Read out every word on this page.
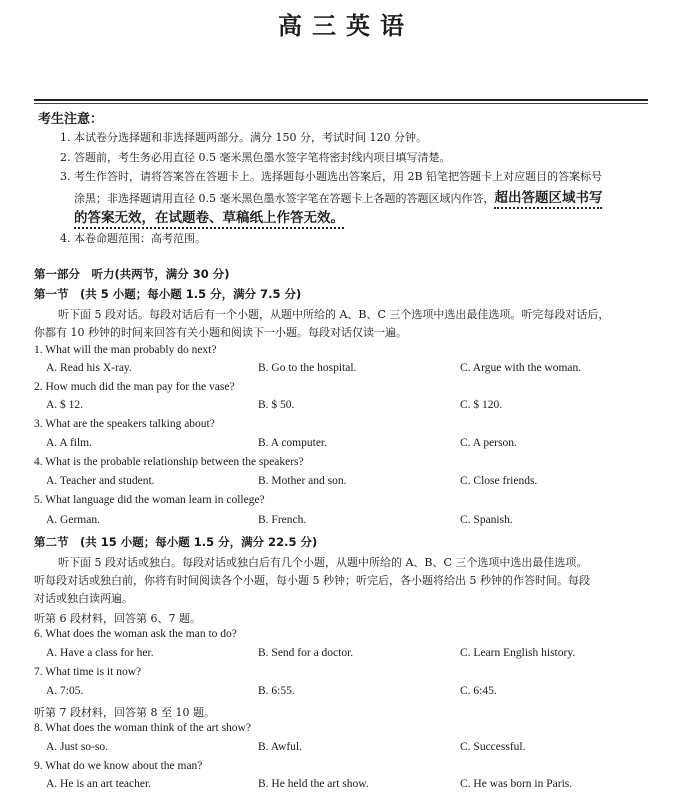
高三英语
考生注意：
1. 本试卷分选择题和非选择题两部分。满分 150 分，考试时间 120 分钟。
2. 答题前，考生务必用直径 0.5 毫米黑色墨水签字笔将密封线内项目填写清楚。
3. 考生作答时，请将答案答在答题卡上。选择题每小题选出答案后，用 2B 铅笔把答题卡上对应题目的答案标号
涂黑；非选择题请用直径 0.5 毫米黑色墨水签字笔在答题卡上各题的答题区域内作答，超出答题区域书写
的答案无效，在试题卷、草稿纸上作答无效。
4. 本卷命题范围：高考范围。
第一部分　听力(共两节，满分 30 分)
第一节　(共 5 小题；每小题 1.5 分，满分 7.5 分)
听下面 5 段对话。每段对话后有一个小题，从题中所给的 A、B、C 三个选项中选出最佳选项。听完每段对话后，
你都有 10 秒钟的时间来回答有关小题和阅读下一小题。每段对话仅读一遍。
1. What will the man probably do next?
A. Read his X-ray.	B. Go to the hospital.	C. Argue with the woman.
2. How much did the man pay for the vase?
A. $ 12.	B. $ 50.	C. $ 120.
3. What are the speakers talking about?
A. A film.	B. A computer.	C. A person.
4. What is the probable relationship between the speakers?
A. Teacher and student.	B. Mother and son.	C. Close friends.
5. What language did the woman learn in college?
A. German.	B. French.	C. Spanish.
第二节　(共 15 小题；每小题 1.5 分，满分 22.5 分)
听下面 5 段对话或独白。每段对话或独白后有几个小题，从题中所给的 A、B、C 三个选项中选出最佳选项。
听每段对话或独白前，你将有时间阅读各个小题，每小题 5 秒钟；听完后，各小题将给出 5 秒钟的作答时间。每段
对话或独白读两遍。
听第 6 段材料，回答第 6、7 题。
6. What does the woman ask the man to do?
A. Have a class for her.	B. Send for a doctor.	C. Learn English history.
7. What time is it now?
A. 7:05.	B. 6:55.	C. 6:45.
听第 7 段材料，回答第 8 至 10 题。
8. What does the woman think of the art show?
A. Just so-so.	B. Awful.	C. Successful.
9. What do we know about the man?
A. He is an art teacher.	B. He held the art show.	C. He was born in Paris.
